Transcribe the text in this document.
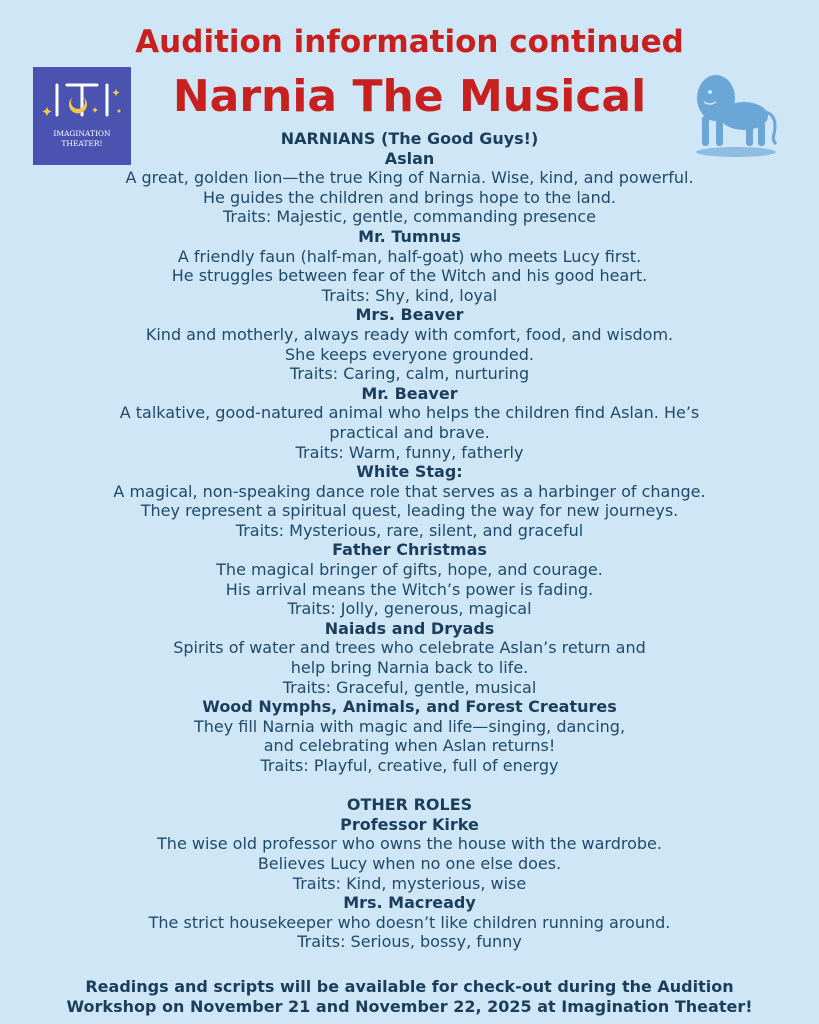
Audition information continued
Narnia The Musical
IMAGINATION
THEATER!	NARNIANS (The Good Guys!)
Aslan
A great, golden lion—the true King of Narnia. Wise, kind, and powerful.
He guides the children and brings hope to the land.
Traits: Majestic, gentle, commanding presence
Mr. Tumnus
A friendly faun (half-man, half-goat) who meets Lucy first.
He struggles between fear of the Witch and his good heart.
Traits: Shy, kind, loyal
Mrs. Beaver
Kind and motherly, always ready with comfort, food, and wisdom.
She keeps everyone grounded.
Traits: Caring, calm, nurturing
Mr. Beaver
A talkative, good-natured animal who helps the children find Aslan. He’s
practical and brave.
Traits: Warm, funny, fatherly
White Stag:
A magical, non-speaking dance role that serves as a harbinger of change.
They represent a spiritual quest, leading the way for new journeys.
Traits: Mysterious, rare, silent, and graceful
Father Christmas
The magical bringer of gifts, hope, and courage.
His arrival means the Witch’s power is fading.
Traits: Jolly, generous, magical
Naiads and Dryads
Spirits of water and trees who celebrate Aslan’s return and
help bring Narnia back to life.
Traits: Graceful, gentle, musical
Wood Nymphs, Animals, and Forest Creatures
They fill Narnia with magic and life—singing, dancing,
and celebrating when Aslan returns!
Traits: Playful, creative, full of energy
OTHER ROLES
Professor Kirke
The wise old professor who owns the house with the wardrobe.
Believes Lucy when no one else does.
Traits: Kind, mysterious, wise
Mrs. Macready
The strict housekeeper who doesn’t like children running around.
Traits: Serious, bossy, funny
Readings and scripts will be available for check-out during the Audition
Workshop on November 21 and November 22, 2025 at Imagination Theater!
